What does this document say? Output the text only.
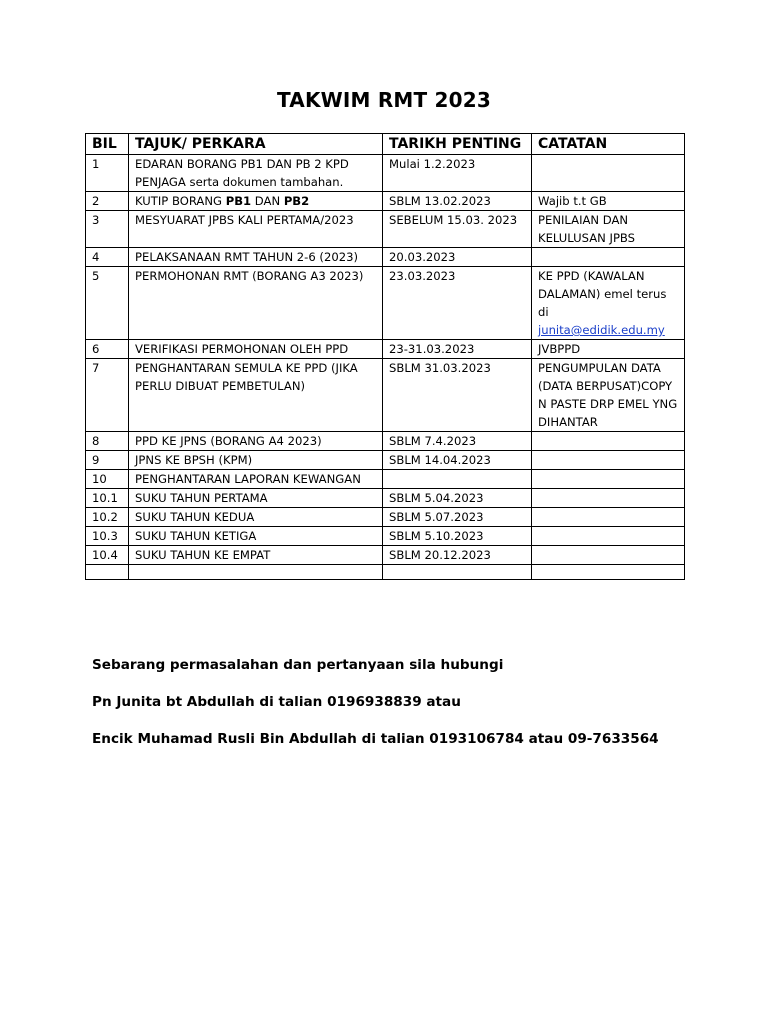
TAKWIM RMT 2023
BIL	TAJUK/ PERKARA	TARIKH PENTING	CATATAN
1	EDARAN BORANG PB1 DAN PB 2 KPD PENJAGA serta dokumen tambahan.	Mulai 1.2.2023	
2	KUTIP BORANG PB1 DAN PB2	SBLM 13.02.2023	Wajib t.t GB
3	MESYUARAT JPBS KALI PERTAMA/2023	SEBELUM 15.03. 2023	PENILAIAN DAN KELULUSAN JPBS
4	PELAKSANAAN RMT TAHUN 2-6 (2023)	20.03.2023	
5	PERMOHONAN RMT (BORANG A3 2023)	23.03.2023	KE PPD (KAWALAN DALAMAN) emel terus di
junita@edidik.edu.my
6	VERIFIKASI PERMOHONAN OLEH PPD	23-31.03.2023	JVBPPD
7	PENGHANTARAN SEMULA KE PPD (JIKA PERLU DIBUAT PEMBETULAN)	SBLM 31.03.2023	PENGUMPULAN DATA (DATA BERPUSAT)COPY N PASTE DRP EMEL YNG DIHANTAR
8	PPD KE JPNS (BORANG A4 2023)	SBLM 7.4.2023	
9	JPNS KE BPSH (KPM)	SBLM 14.04.2023	
10	PENGHANTARAN LAPORAN KEWANGAN		
10.1	SUKU TAHUN PERTAMA	SBLM 5.04.2023	
10.2	SUKU TAHUN KEDUA	SBLM 5.07.2023	
10.3	SUKU TAHUN KETIGA	SBLM 5.10.2023	
10.4	SUKU TAHUN KE EMPAT	SBLM 20.12.2023	

Sebarang permasalahan dan pertanyaan sila hubungi

Pn Junita bt Abdullah di talian 0196938839 atau

Encik Muhamad Rusli Bin Abdullah di talian 0193106784 atau 09-7633564
